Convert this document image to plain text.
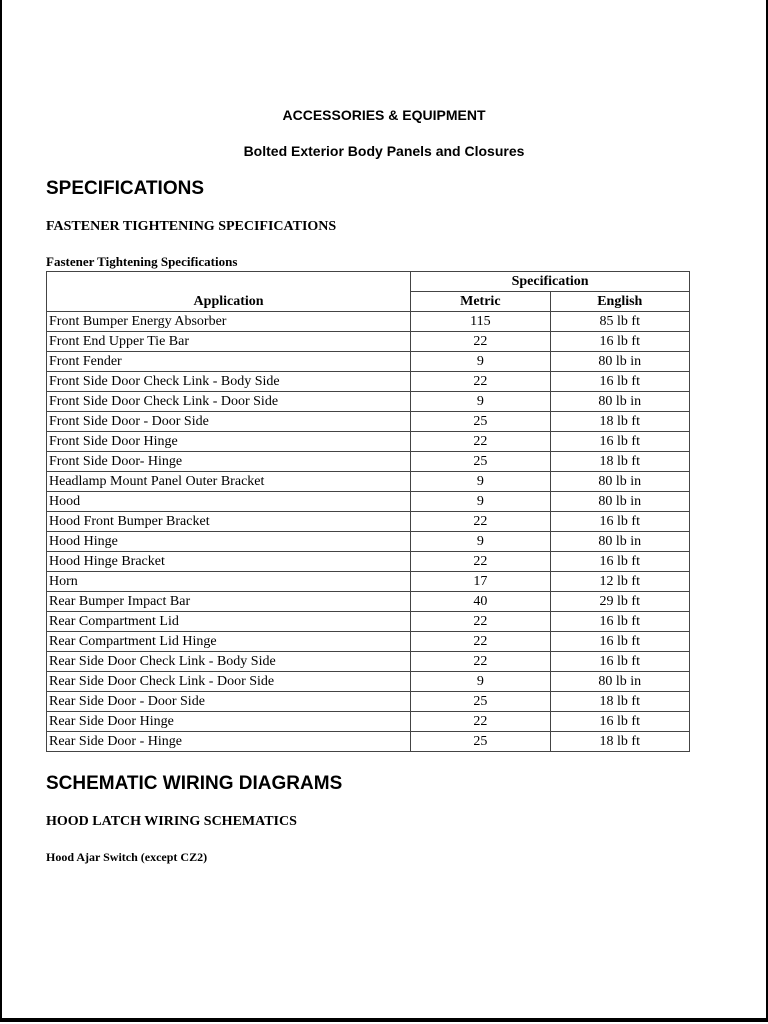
ACCESSORIES & EQUIPMENT
Bolted Exterior Body Panels and Closures
SPECIFICATIONS
FASTENER TIGHTENING SPECIFICATIONS
Fastener Tightening Specifications
Application	Specification	
	Metric	English
Front Bumper Energy Absorber	115	85 lb ft
Front End Upper Tie Bar	22	16 lb ft
Front Fender	9	80 lb in
Front Side Door Check Link - Body Side	22	16 lb ft
Front Side Door Check Link - Door Side	9	80 lb in
Front Side Door - Door Side	25	18 lb ft
Front Side Door Hinge	22	16 lb ft
Front Side Door- Hinge	25	18 lb ft
Headlamp Mount Panel Outer Bracket	9	80 lb in
Hood	9	80 lb in
Hood Front Bumper Bracket	22	16 lb ft
Hood Hinge	9	80 lb in
Hood Hinge Bracket	22	16 lb ft
Horn	17	12 lb ft
Rear Bumper Impact Bar	40	29 lb ft
Rear Compartment Lid	22	16 lb ft
Rear Compartment Lid Hinge	22	16 lb ft
Rear Side Door Check Link - Body Side	22	16 lb ft
Rear Side Door Check Link - Door Side	9	80 lb in
Rear Side Door - Door Side	25	18 lb ft
Rear Side Door Hinge	22	16 lb ft
Rear Side Door - Hinge	25	18 lb ft
SCHEMATIC WIRING DIAGRAMS
HOOD LATCH WIRING SCHEMATICS
Hood Ajar Switch (except CZ2)
